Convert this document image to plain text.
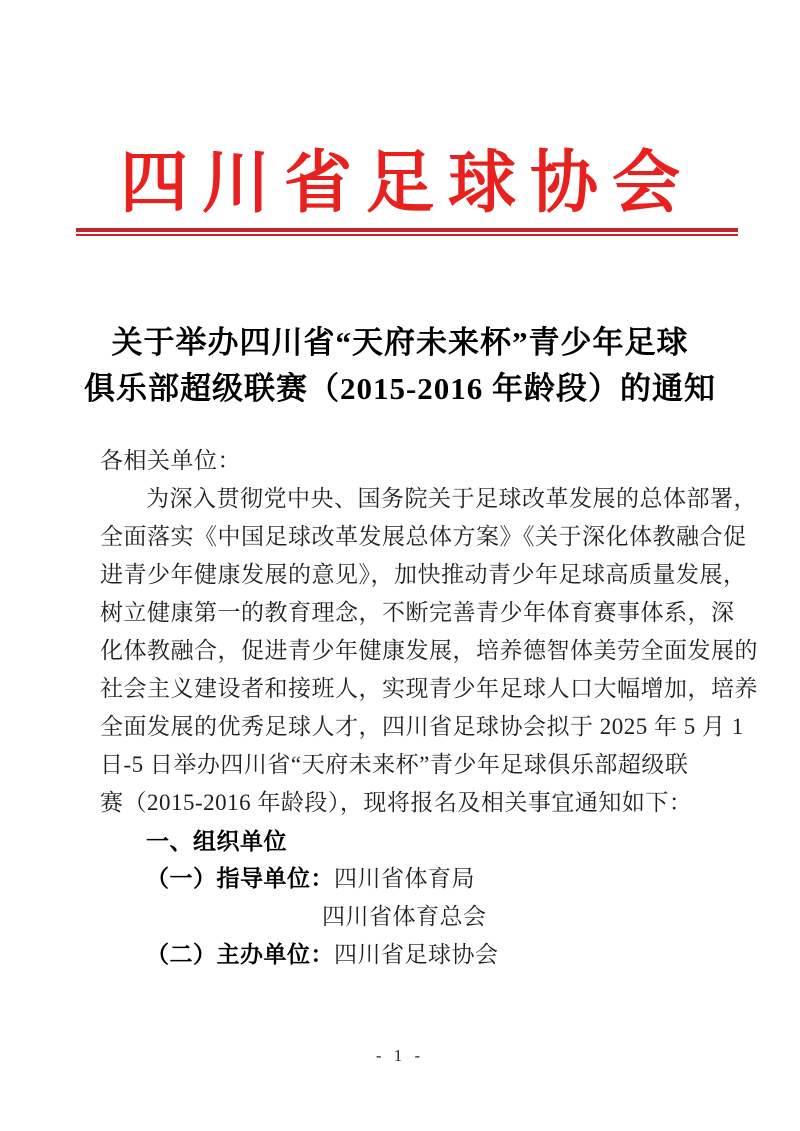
四川省足球协会
关于举办四川省“天府未来杯”青少年足球
俱乐部超级联赛（2015-2016 年龄段）的通知
各相关单位：
为深入贯彻党中央、国务院关于足球改革发展的总体部署，
全面落实《中国足球改革发展总体方案》《关于深化体教融合促
进青少年健康发展的意见》，加快推动青少年足球高质量发展，
树立健康第一的教育理念，不断完善青少年体育赛事体系，深
化体教融合，促进青少年健康发展，培养德智体美劳全面发展的
社会主义建设者和接班人，实现青少年足球人口大幅增加，培养
全面发展的优秀足球人才，四川省足球协会拟于 2025 年 5 月 1
日-5 日举办四川省“天府未来杯”青少年足球俱乐部超级联
赛（2015-2016 年龄段），现将报名及相关事宜通知如下：
一、组织单位
（一）指导单位：四川省体育局
四川省体育总会
（二）主办单位：四川省足球协会
- 1 -
